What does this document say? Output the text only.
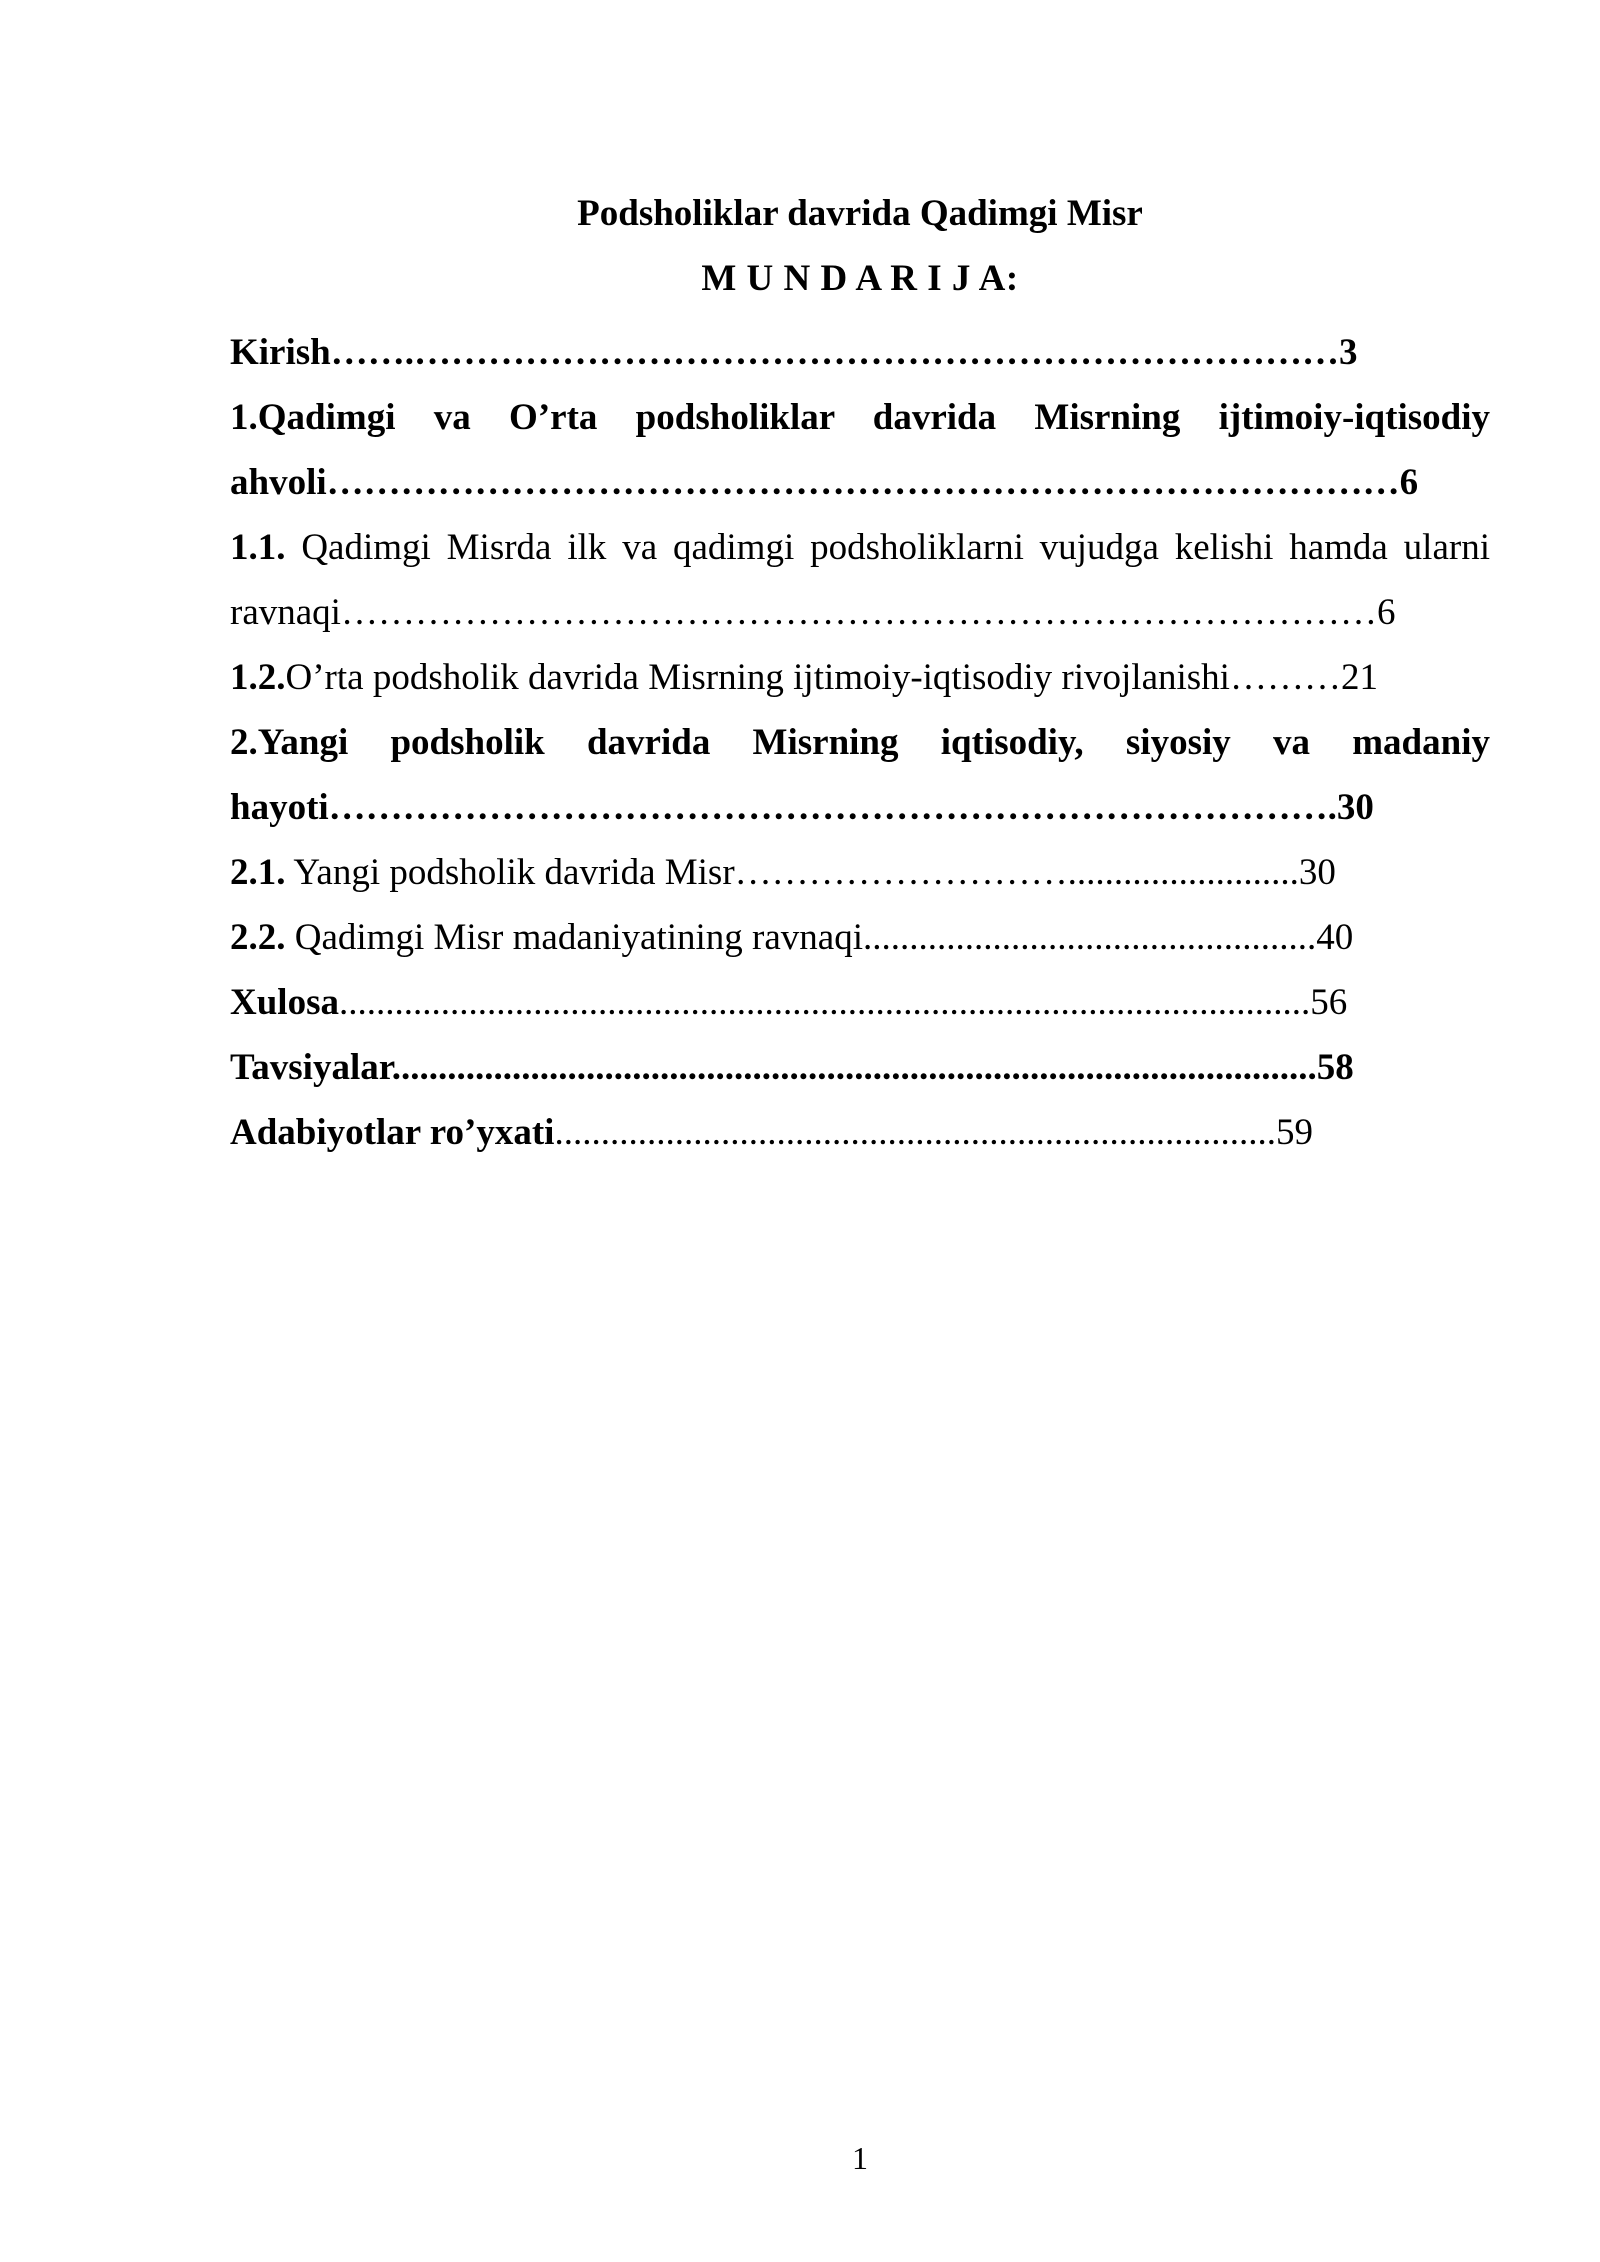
Podsholiklar davrida Qadimgi Misr
M U N D A R I J A:
Kirish…….…………………………………………………………………3
1.Qadimgi va O’rta podsholiklar davrida Misrning ijtimoiy-iqtisodiy
ahvoli……………………………………………………………………………6
1.1. Qadimgi Misrda ilk va qadimgi podsholiklarni vujudga kelishi hamda ularni
ravnaqi…………………………………………………………………………6
1.2.O’rta podsholik davrida Misrning ijtimoiy-iqtisodiy rivojlanishi………21
2.Yangi podsholik davrida Misrning iqtisodiy, siyosiy va madaniy
hayoti……………………………………………………………………….30
2.1. Yangi podsholik davrida Misr……………………….........................30
2.2. Qadimgi Misr madaniyatining ravnaqi.................................................40
Xulosa.........................................................................................................56
Tavsiyalar....................................................................................................58
Adabiyotlar ro’yxati..............................................................................59
1
